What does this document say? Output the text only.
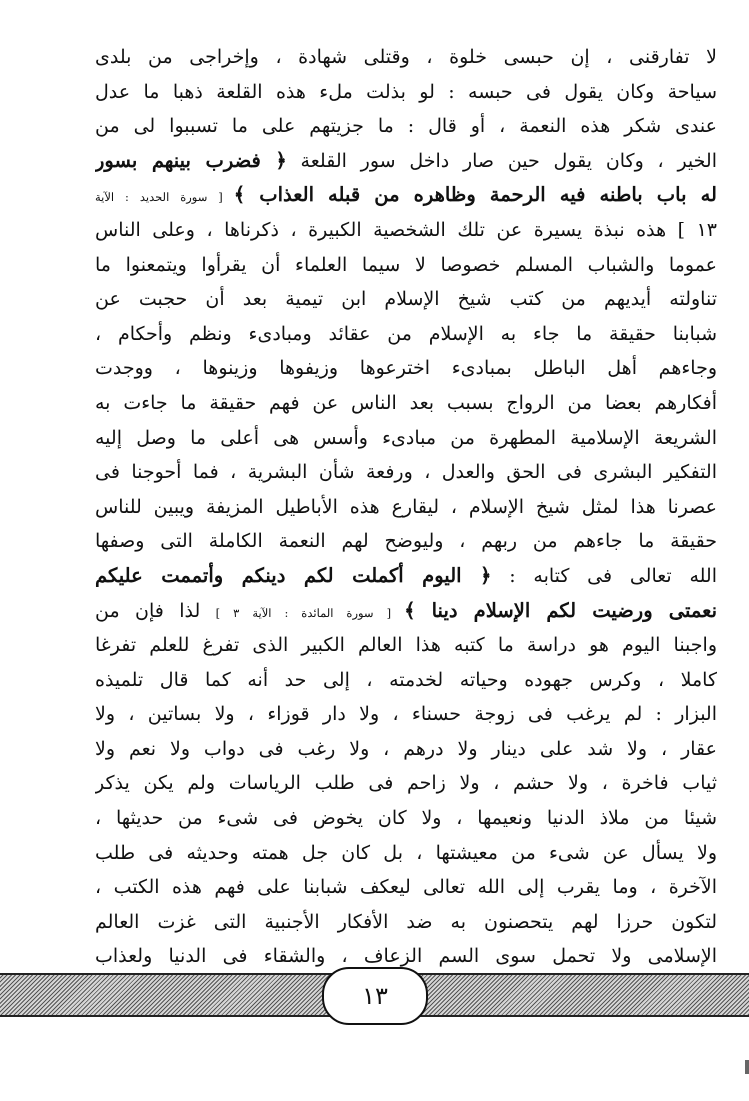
لا تفارقنى ، إن حبسى خلوة ، وقتلى شهادة ، وإخراجى من بلدى
سياحة وكان يقول فى حبسه : لو بذلت ملء هذه القلعة ذهبا ما عدل
عندى شكر هذه النعمة ، أو قال : ما جزيتهم على ما تسببوا لى من
الخير ، وكان يقول حين صار داخل سور القلعة ﴿ فضرب بينهم بسور
له باب باطنه فيه الرحمة وظاهره من قبله العذاب ﴾ [ سورة الحديد : الآية
١٣ ] هذه نبذة يسيرة عن تلك الشخصية الكبيرة ، ذكرناها ، وعلى الناس
عموما والشباب المسلم خصوصا لا سيما العلماء أن يقرأوا ويتمعنوا ما
تناولته أيديهم من كتب شيخ الإسلام ابن تيمية بعد أن حجبت عن
شبابنا حقيقة ما جاء به الإسلام من عقائد ومبادىء ونظم وأحكام ،
وجاءهم أهل الباطل بمبادىء اخترعوها وزيفوها وزينوها ، ووجدت
أفكارهم بعضا من الرواج بسبب بعد الناس عن فهم حقيقة ما جاءت به
الشريعة الإسلامية المطهرة من مبادىء وأسس هى أعلى ما وصل إليه
التفكير البشرى فى الحق والعدل ، ورفعة شأن البشرية ، فما أحوجنا فى
عصرنا هذا لمثل شيخ الإسلام ، ليقارع هذه الأباطيل المزيفة ويبين للناس
حقيقة ما جاءهم من ربهم ، وليوضح لهم النعمة الكاملة التى وصفها
الله تعالى فى كتابه : ﴿ اليوم أكملت لكم دينكم وأتممت عليكم
نعمتى ورضيت لكم الإسلام دينا ﴾ [ سورة المائدة : الآية ٣ ] لذا فإن من
واجبنا اليوم هو دراسة ما كتبه هذا العالم الكبير الذى تفرغ للعلم تفرغا
كاملا ، وكرس جهوده وحياته لخدمته ، إلى حد أنه كما قال تلميذه
البزار : لم يرغب فى زوجة حسناء ، ولا دار قوزاء ، ولا بساتين ، ولا
عقار ، ولا شد على دينار ولا درهم ، ولا رغب فى دواب ولا نعم ولا
ثياب فاخرة ، ولا حشم ، ولا زاحم فى طلب الرياسات ولم يكن يذكر
شيئا من ملاذ الدنيا ونعيمها ، ولا كان يخوض فى شىء من حديثها ،
ولا يسأل عن شىء من معيشتها ، بل كان جل همته وحديثه فى طلب
الآخرة ، وما يقرب إلى الله تعالى ليعكف شبابنا على فهم هذه الكتب ،
لتكون حرزا لهم يتحصنون به ضد الأفكار الأجنبية التى غزت العالم
الإسلامى ولا تحمل سوى السم الزعاف ، والشقاء فى الدنيا ولعذاب
١٣
